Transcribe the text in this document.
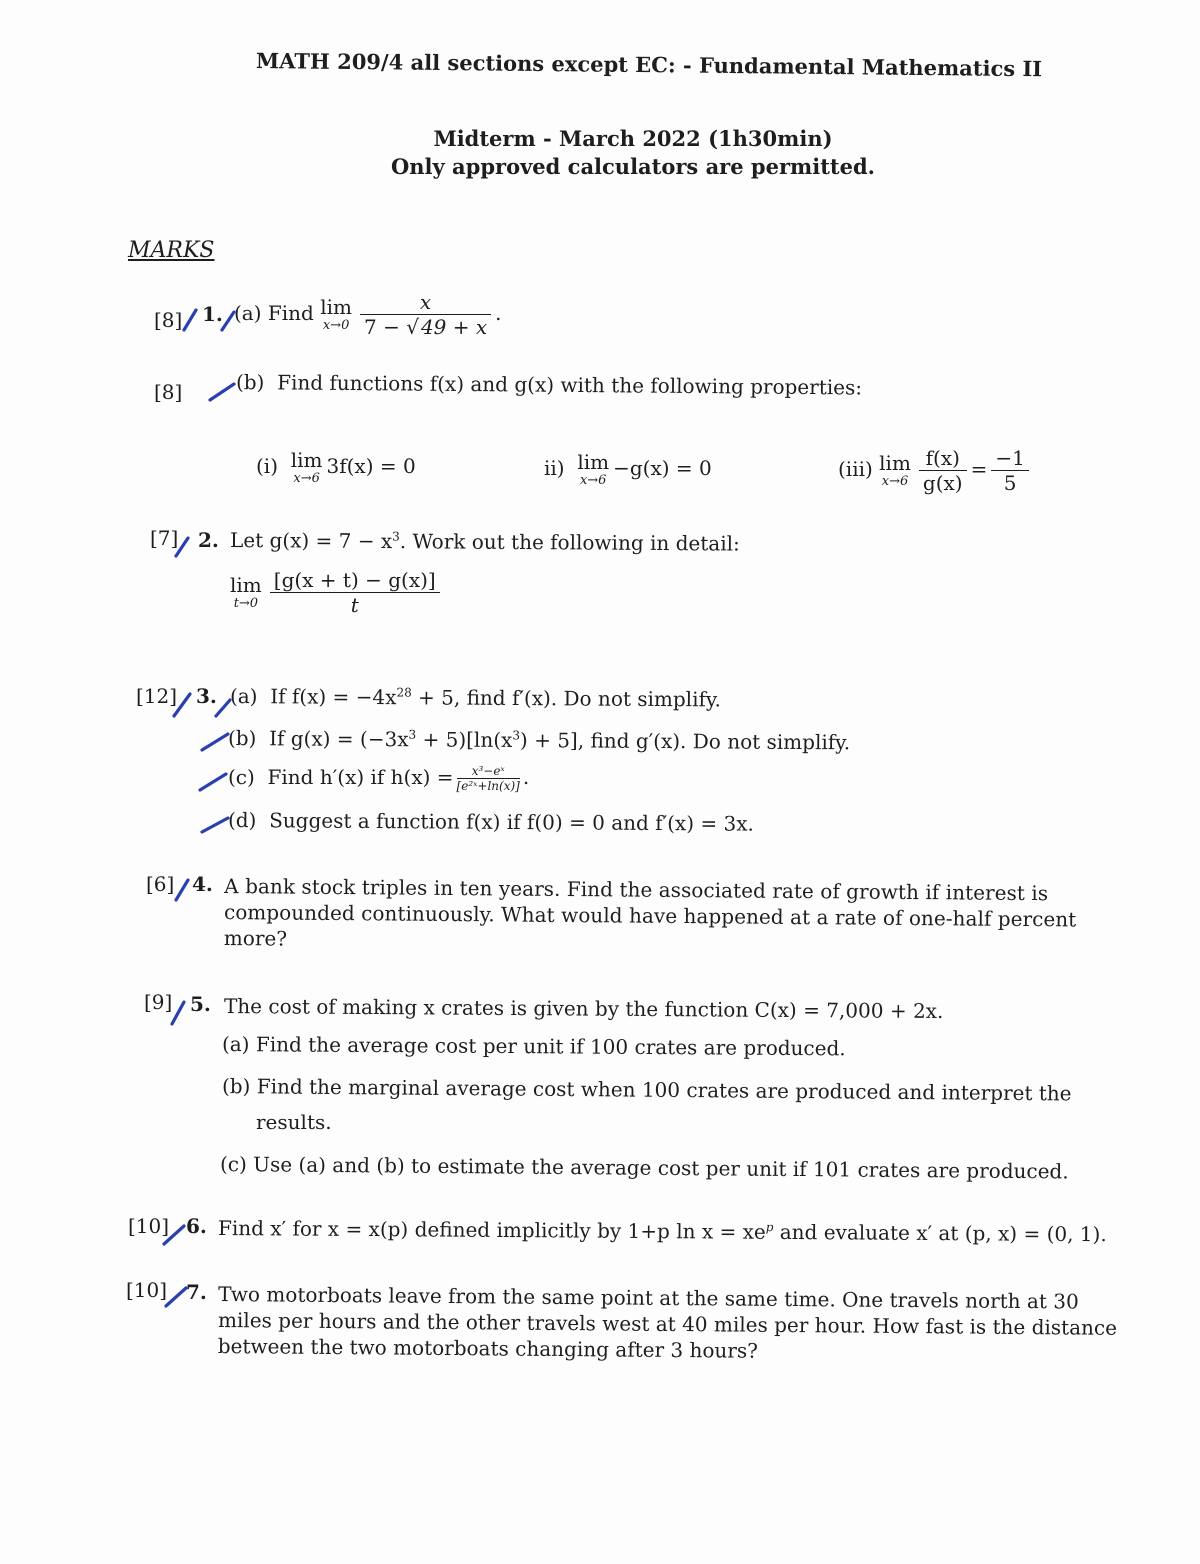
MATH 209/4 all sections except EC: - Fundamental Mathematics II
Midterm - March 2022 (1h30min)
Only approved calculators are permitted.
MARKS
[8] 1. (a) Find lim
$x\to 0 \frac{x}{7 - √ 49 + x}$ .
[8]	(b) Find functions f(x) and g(x) with the following properties:
(i) lim
x→6
3f(x) = 0	ii) lim
x→6
−g(x) = 0	(iii) lim
$x\to 6 \frac{f(x)}{g(x)} = \frac{-1}{5}$
[7] 2. Let $g(x) = 7 - x^3$. Work out the following in detail:
lim
$t\to 0 \frac{[g(x + t) - g(x)]}{t}$
[12] 3. (a) If $f(x) = -4x^{28} + 5$, find f′(x). Do not simplify.
(b) If $g(x) = (-3x^3 + 5)[\ln(x^3) + 5]$, find g′(x). Do not simplify.
(c) Find h′(x) if $h(x) = \frac{\text{x³−eˣ}}{\text{[e²ˣ+ln(x)]}}$ .
(d) Suggest a function f(x) if f(0) = 0 and f′(x) = 3x.
[6] 4. A bank stock triples in ten years. Find the associated rate of growth if interest is
compounded continuously. What would have happened at a rate of one-half percent
more?
[9] 5. The cost of making x crates is given by the function C(x) = 7,000 + 2x.
(a) Find the average cost per unit if 100 crates are produced.
(b) Find the marginal average cost when 100 crates are produced and interpret the
results.
(c) Use (a) and (b) to estimate the average cost per unit if 101 crates are produced.
[10] 6. Find x′ for x = x(p) defined implicitly by 1+p $\ln x = xe^p$ and evaluate x′ at (p, x) = (0, 1).
[10] 7. Two motorboats leave from the same point at the same time. One travels north at 30
miles per hours and the other travels west at 40 miles per hour. How fast is the distance
between the two motorboats changing after 3 hours?
